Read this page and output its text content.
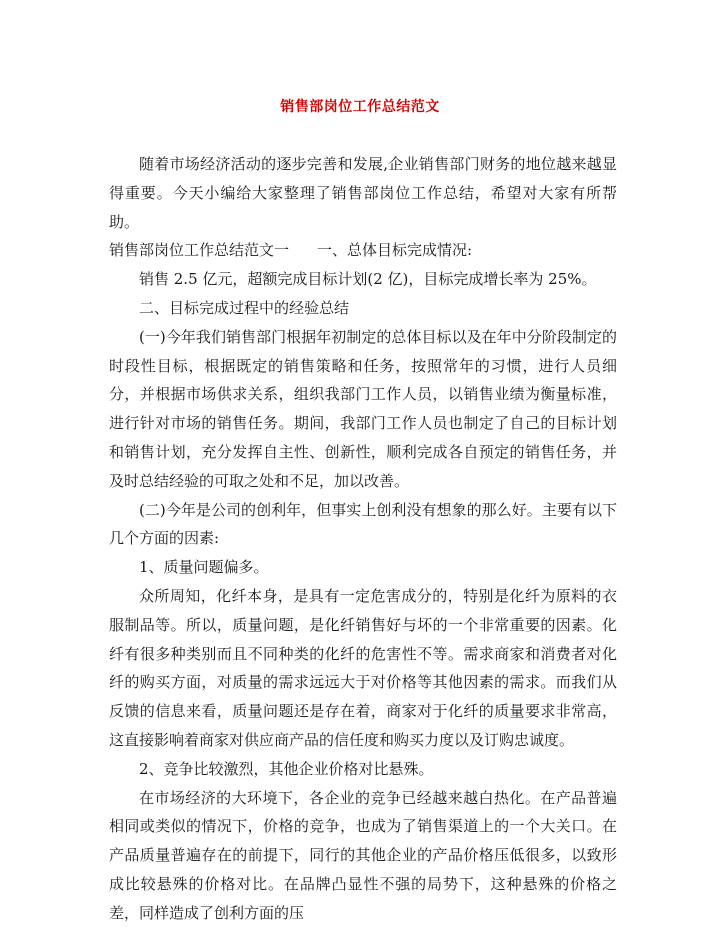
销售部岗位工作总结范文

随着市场经济活动的逐步完善和发展,企业销售部门财务的地位越来越显得重要。今天小编给大家整理了销售部岗位工作总结，希望对大家有所帮助。

销售部岗位工作总结范文一 一、总体目标完成情况:

销售 2.5 亿元，超额完成目标计划(2 亿)，目标完成增长率为 25%。

二、目标完成过程中的经验总结

(一)今年我们销售部门根据年初制定的总体目标以及在年中分阶段制定的时段性目标，根据既定的销售策略和任务，按照常年的习惯，进行人员细分，并根据市场供求关系，组织我部门工作人员，以销售业绩为衡量标准，进行针对市场的销售任务。期间，我部门工作人员也制定了自己的目标计划和销售计划，充分发挥自主性、创新性，顺利完成各自预定的销售任务，并及时总结经验的可取之处和不足，加以改善。

(二)今年是公司的创利年，但事实上创利没有想象的那么好。主要有以下几个方面的因素:

1、质量问题偏多。

众所周知，化纤本身，是具有一定危害成分的，特别是化纤为原料的衣服制品等。所以，质量问题，是化纤销售好与坏的一个非常重要的因素。化纤有很多种类别而且不同种类的化纤的危害性不等。需求商家和消费者对化纤的购买方面，对质量的需求远远大于对价格等其他因素的需求。而我们从反馈的信息来看，质量问题还是存在着，商家对于化纤的质量要求非常高，这直接影响着商家对供应商产品的信任度和购买力度以及订购忠诚度。

2、竞争比较激烈，其他企业价格对比悬殊。

在市场经济的大环境下，各企业的竞争已经越来越白热化。在产品普遍相同或类似的情况下，价格的竞争，也成为了销售渠道上的一个大关口。在产品质量普遍存在的前提下，同行的其他企业的产品价格压低很多，以致形成比较悬殊的价格对比。在品牌凸显性不强的局势下，这种悬殊的价格之差，同样造成了创利方面的压
